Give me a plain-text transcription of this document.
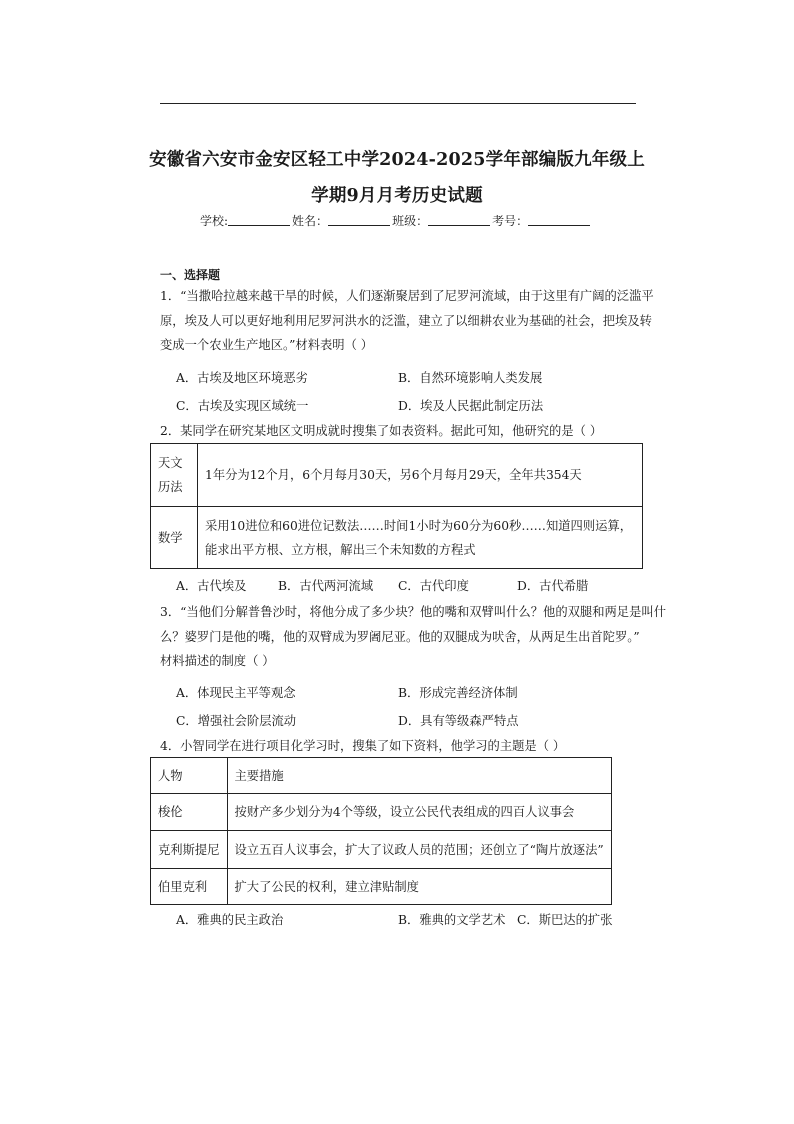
安徽省六安市金安区轻工中学2024-2025学年部编版九年级上
学期9月月考历史试题
学校:	姓名：	班级：	考号：
一、选择题
1．“当撒哈拉越来越干旱的时候，人们逐渐聚居到了尼罗河流域，由于这里有广阔的泛滥平
原，埃及人可以更好地利用尼罗河洪水的泛滥，建立了以细耕农业为基础的社会，把埃及转
变成一个农业生产地区。”材料表明（ ）
A．古埃及地区环境恶劣	B．自然环境影响人类发展
C．古埃及实现区域统一	D．埃及人民据此制定历法
2．某同学在研究某地区文明成就时搜集了如表资料。据此可知，他研究的是（ ）
天文历法	1年分为12个月，6个月每月30天，另6个月每月29天，全年共354天

数学	采用10进位和60进位记数法……时间1小时为60分为60秒……知道四则运算，
能求出平方根、立方根，解出三个未知数的方程式
A．古代埃及	B．古代两河流域 C．古代印度	D．古代希腊
3．“当他们分解普鲁沙时，将他分成了多少块？他的嘴和双臂叫什么？他的双腿和两足是叫什
么？婆罗门是他的嘴，他的双臂成为罗阇尼亚。他的双腿成为吠舍，从两足生出首陀罗。”
材料描述的制度（ ）
A．体现民主平等观念	B．形成完善经济体制
C．增强社会阶层流动	D．具有等级森严特点
4．小智同学在进行项目化学习时，搜集了如下资料，他学习的主题是（ ）
人物	主要措施
梭伦	按财产多少划分为4个等级，设立公民代表组成的四百人议事会
克利斯提尼	设立五百人议事会，扩大了议政人员的范围；还创立了“陶片放逐法”
伯里克利	扩大了公民的权利，建立津贴制度
A．雅典的民主政治	B．雅典的文学艺术 C．斯巴达的扩张
